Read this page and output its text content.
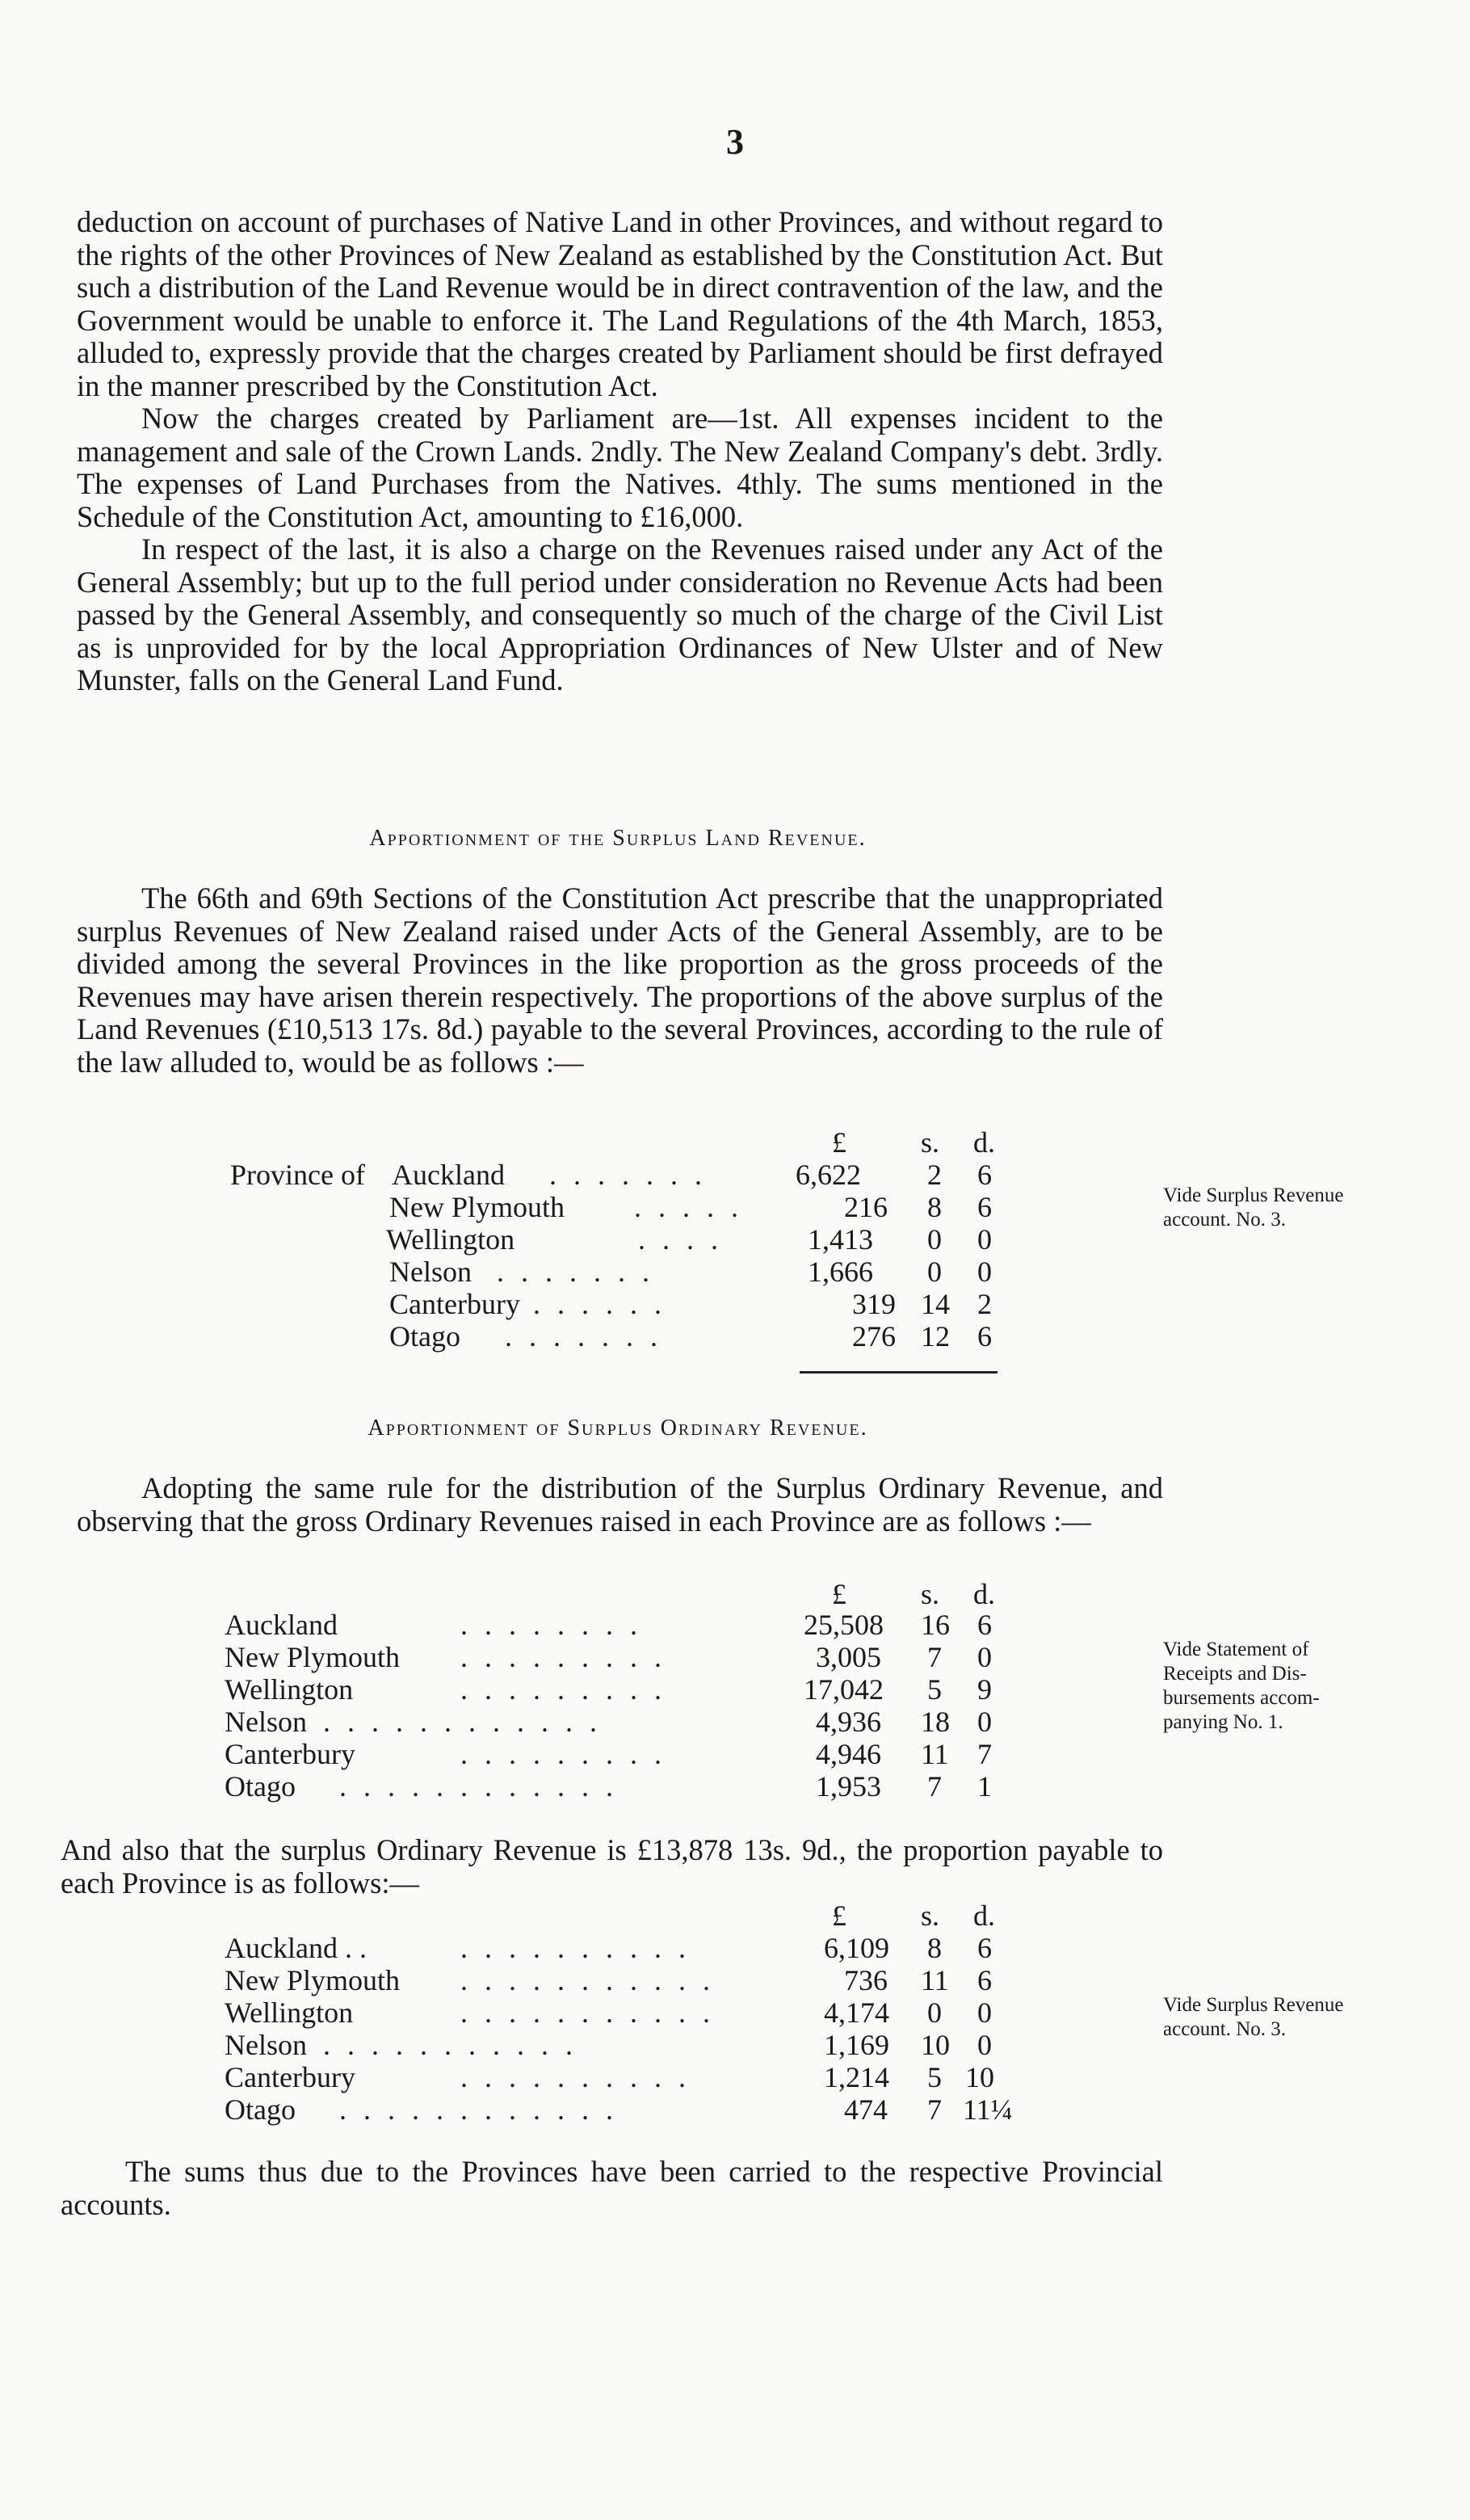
3

deduction on account of purchases of Native Land in other Provinces, and without regard to the rights of the other Provinces of New Zealand as established by the Constitution Act. But such a distribution of the Land Revenue would be in direct contravention of the law, and the Government would be unable to enforce it. The Land Regulations of the 4th March, 1853, alluded to, expressly provide that the charges created by Parliament should be first defrayed in the manner prescribed by the Constitution Act.

Now the charges created by Parliament are—1st. All expenses incident to the management and sale of the Crown Lands. 2ndly. The New Zealand Company's debt. 3rdly. The expenses of Land Purchases from the Natives. 4thly. The sums mentioned in the Schedule of the Constitution Act, amounting to £16,000.

In respect of the last, it is also a charge on the Revenues raised under any Act of the General Assembly; but up to the full period under consideration no Revenue Acts had been passed by the General Assembly, and consequently so much of the charge of the Civil List as is unprovided for by the local Appropriation Ordinances of New Ulster and of New Munster, falls on the General Land Fund.

Apportionment of the Surplus Land Revenue.

The 66th and 69th Sections of the Constitution Act prescribe that the unappropriated surplus Revenues of New Zealand raised under Acts of the General Assembly, are to be divided among the several Provinces in the like proportion as the gross proceeds of the Revenues may have arisen therein respectively. The proportions of the above surplus of the Land Revenues (£10,513 17s. 8d.) payable to the several Provinces, according to the rule of the law alluded to, would be as follows :—

£	s. d.
Province of Auckland . . . . . . .	6,622 2 6
New Plymouth . . . . .	216 8 6
Wellington	. . . .	1,413 0 0
Nelson . . . . . . .	1,666 0 0
Canterbury . . . . . .	319 14 2
Otago . . . . . . .	276 12 6
Vide Surplus Revenue
account. No. 3.
Apportionment of Surplus Ordinary Revenue.

Adopting the same rule for the distribution of the Surplus Ordinary Revenue, and observing that the gross Ordinary Revenues raised in each Province are as follows :—

£	s. d.
Auckland	. . . . . . . .	25,508 16 6
New Plymouth . . . . . . . . .	3,005 7 0
Wellington	. . . . . . . . .	17,042 5 9
Nelson . . . . . . . . . . . .	4,936 18 0
Canterbury	. . . . . . . . .	4,946 11 7
Otago . . . . . . . . . . . .	1,953 7 1
Vide Statement of
Receipts and Dis-
bursements accom-
panying No. 1.

And also that the surplus Ordinary Revenue is £13,878 13s. 9d., the proportion payable to each Province is as follows:—

£	s. d.
Auckland . .	. . . . . . . . . .	6,109 8 6
New Plymouth . . . . . . . . . . .	736 11 6
Wellington	. . . . . . . . . . .	4,174 0 0
Nelson . . . . . . . . . . .	1,169 10 0
Canterbury	. . . . . . . . . .	1,214 5 10
Otago . . . . . . . . . . . .	474 7 11¼
Vide Surplus Revenue
account. No. 3.

The sums thus due to the Provinces have been carried to the respective Provincial accounts.
